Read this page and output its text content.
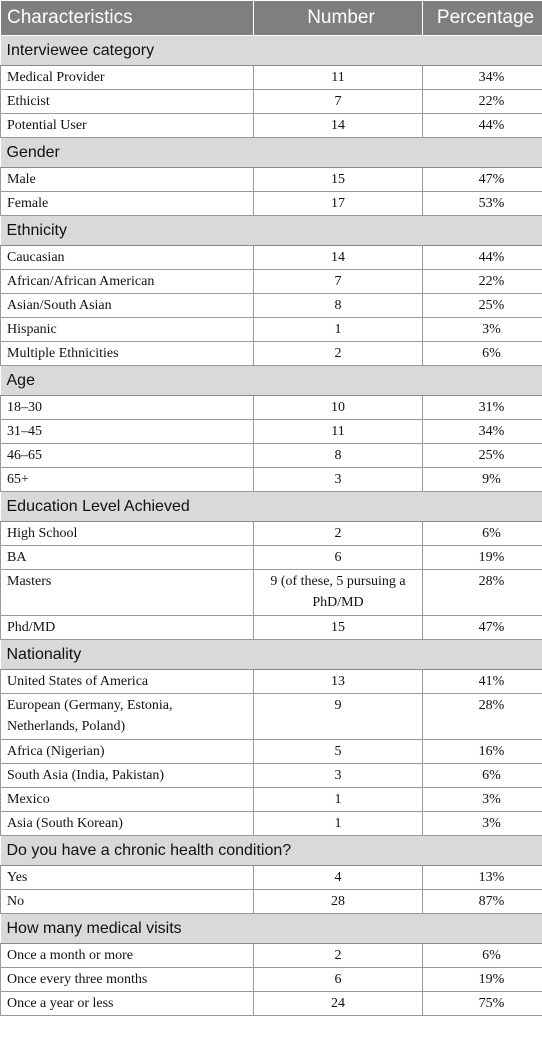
Characteristics	Number	Percentage
Interviewee category		
Medical Provider	11	34%
Ethicist	7	22%
Potential User	14	44%
Gender		
Male	15	47%
Female	17	53%
Ethnicity		
Caucasian	14	44%
African/African American	7	22%
Asian/South Asian	8	25%
Hispanic	1	3%
Multiple Ethnicities	2	6%
Age		
18–30	10	31%
31–45	11	34%
46–65	8	25%
65+	3	9%
Education Level Achieved		
High School	2	6%
BA	6	19%
Masters	9 (of these, 5 pursuing a PhD/MD	28%
Phd/MD	15	47%
Nationality		
United States of America	13	41%
European (Germany, Estonia, Netherlands, Poland)	9	28%
Africa (Nigerian)	5	16%
South Asia (India, Pakistan)	3	6%
Mexico	1	3%
Asia (South Korean)	1	3%
Do you have a chronic health condition?		
Yes	4	13%
No	28	87%
How many medical visits		
Once a month or more	2	6%
Once every three months	6	19%
Once a year or less	24	75%
